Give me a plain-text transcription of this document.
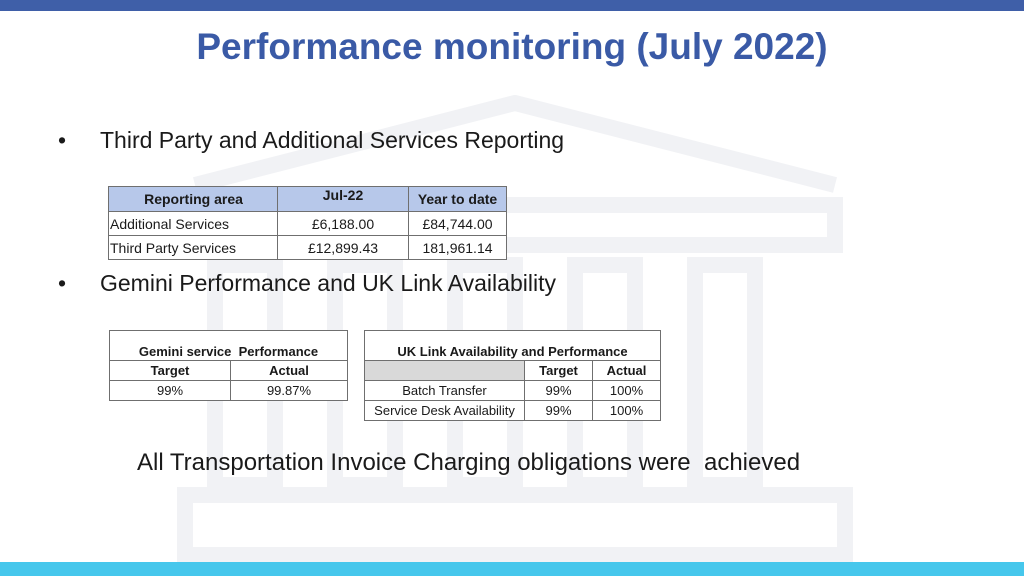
Performance monitoring (July 2022)
• Third Party and Additional Services Reporting
Reporting area	Jul-22	Year to date
Additional Services	£6,188.00	£84,744.00
Third Party Services	£12,899.43	181,961.14
• Gemini Performance and UK Link Availability
Gemini service  Performance	
Target	Actual
99%	99.87%
UK Link Availability and Performance		
	Target	Actual
Batch Transfer	99%	100%
Service Desk Availability	99%	100%
All Transportation Invoice Charging obligations were  achieved
